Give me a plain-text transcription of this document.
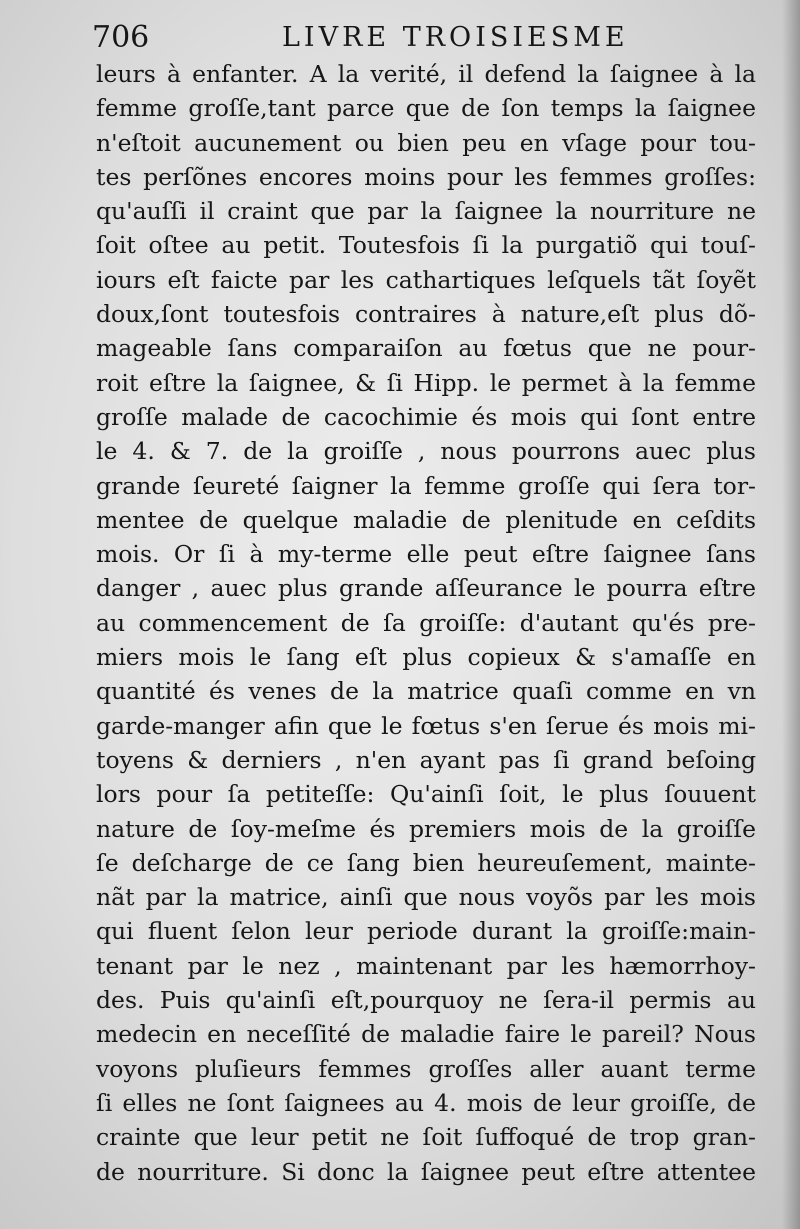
706	LIVRE TROISIESME
leurs à enfanter. A la verité, il defend la ſaignee à la
femme groſſe,tant parce que de ſon temps la ſaignee
n'eſtoit aucunement ou bien peu en vſage pour tou-
tes perſõnes encores moins pour les femmes groſſes:
qu'auſſi il craint que par la ſaignee la nourriture ne
ſoit oſtee au petit. Toutesfois ſi la purgatiõ qui touſ-
iours eſt faicte par les cathartiques leſquels tãt ſoyẽt
doux,ſont toutesfois contraires à nature,eſt plus dõ-
mageable ſans comparaiſon au fœtus que ne pour-
roit eſtre la ſaignee, & ſi Hipp. le permet à la femme
groſſe malade de cacochimie és mois qui ſont entre
le 4. & 7. de la groiſſe , nous pourrons auec plus
grande ſeureté ſaigner la femme groſſe qui ſera tor-
mentee de quelque maladie de plenitude en ceſdits
mois. Or ſi à my-terme elle peut eſtre ſaignee ſans
danger , auec plus grande aſſeurance le pourra eſtre
au commencement de ſa groiſſe: d'autant qu'és pre-
miers mois le ſang eſt plus copieux & s'amaſſe en
quantité és venes de la matrice quaſi comme en vn
garde-manger afin que le fœtus s'en ſerue és mois mi-
toyens & derniers , n'en ayant pas ſi grand beſoing
lors pour ſa petiteſſe: Qu'ainſi ſoit, le plus ſouuent
nature de ſoy-meſme és premiers mois de la groiſſe
ſe deſcharge de ce ſang bien heureuſement, mainte-
nãt par la matrice, ainſi que nous voyõs par les mois
qui fluent ſelon leur periode durant la groiſſe:main-
tenant par le nez , maintenant par les hæmorrhoy-
des. Puis qu'ainſi eſt,pourquoy ne ſera-il permis au
medecin en neceſſité de maladie faire le pareil? Nous
voyons pluſieurs femmes groſſes aller auant terme
ſi elles ne ſont ſaignees au 4. mois de leur groiſſe, de
crainte que leur petit ne ſoit ſuffoqué de trop gran-
de nourriture. Si donc la ſaignee peut eſtre attentee
